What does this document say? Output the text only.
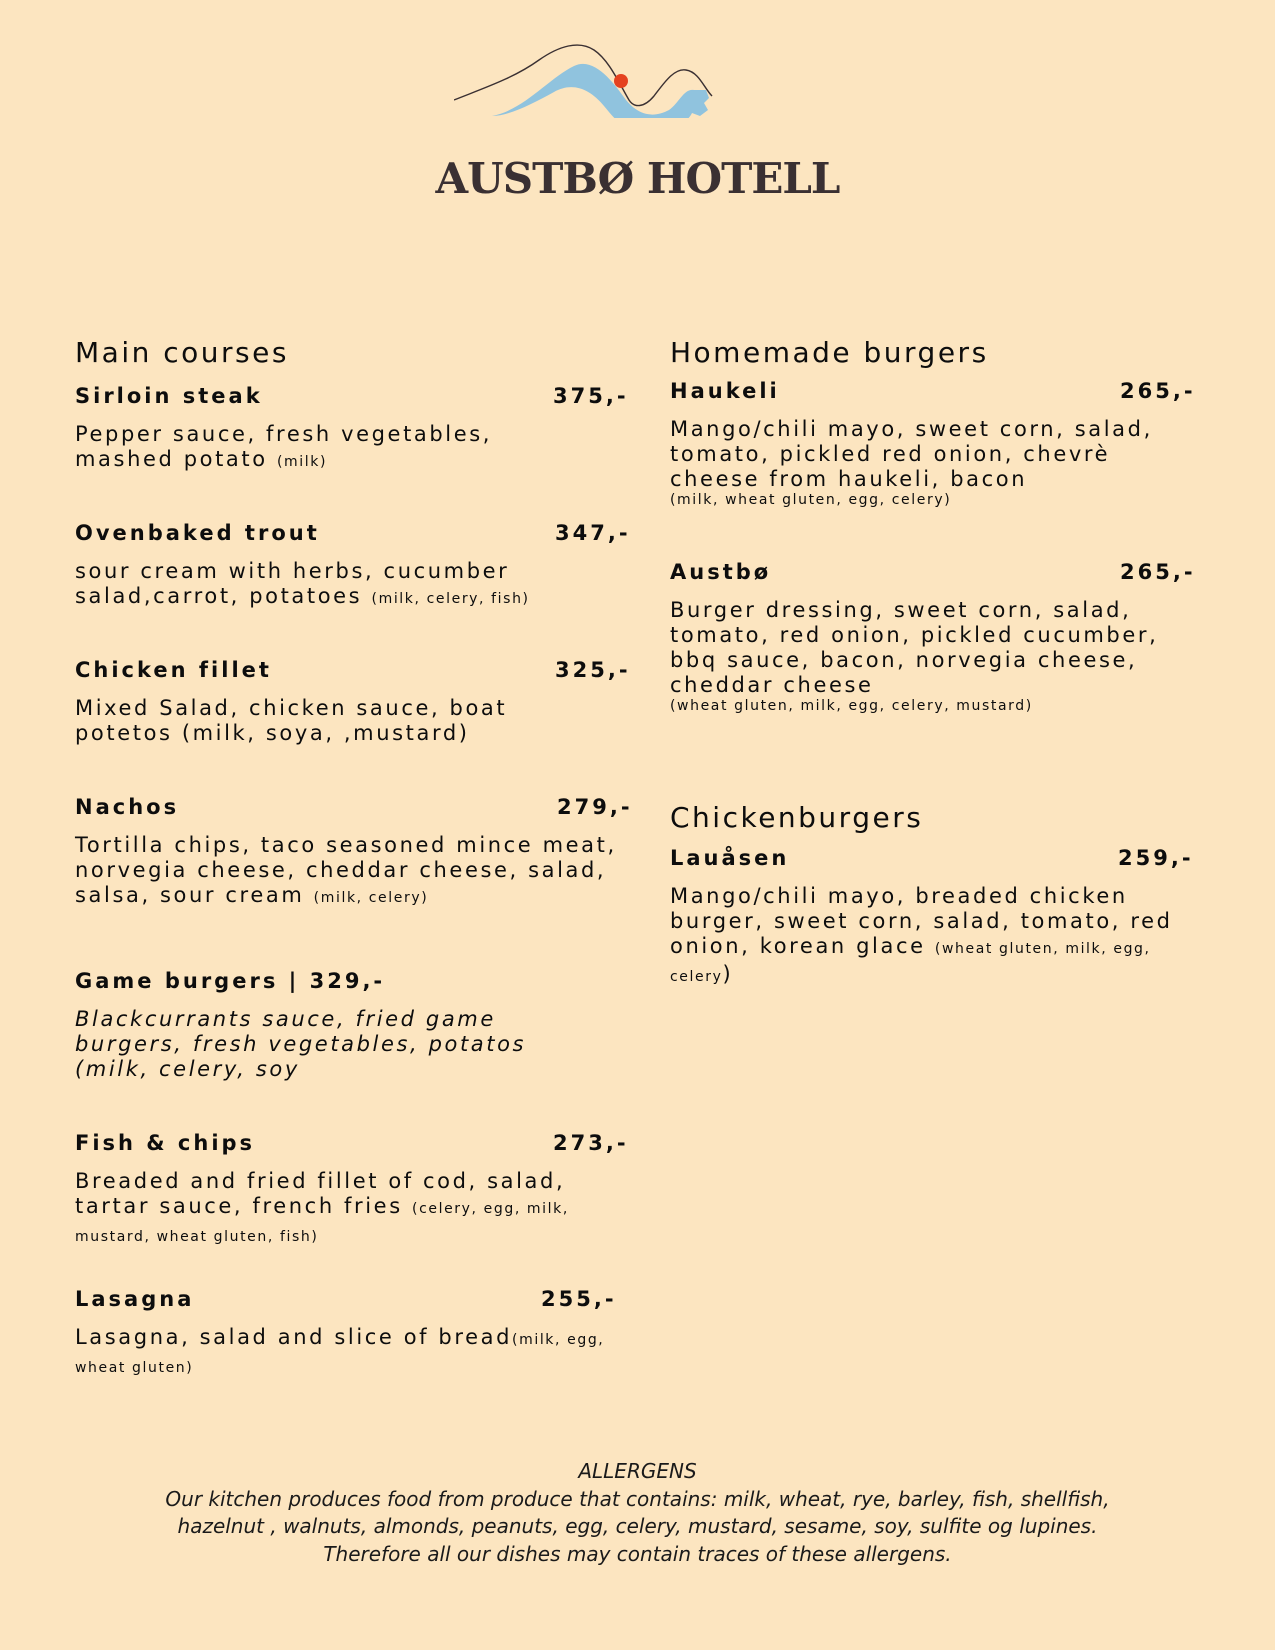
AUSTBØ HOTELL
Main courses
Sirloin steak	375,-
Pepper sauce, fresh vegetables, mashed potato (milk)
Ovenbaked trout	347,-
sour cream with herbs, cucumber salad,carrot, potatoes (milk, celery, fish)
Chicken fillet	325,-
Mixed Salad, chicken sauce, boat potetos (milk, soya, ,mustard)
Nachos	279,-
Tortilla chips, taco seasoned mince meat, norvegia cheese, cheddar cheese, salad, salsa, sour cream (milk, celery)
Game burgers | 329,-
Blackcurrants sauce, fried game burgers, fresh vegetables, potatos (milk, celery, soy
Fish & chips	273,-
Breaded and fried fillet of cod, salad, tartar sauce, french fries (celery, egg, milk, mustard, wheat gluten, fish)
Lasagna	255,-
Lasagna, salad and slice of bread(milk, egg, wheat gluten)
Homemade burgers
Haukeli	265,-
Mango/chili mayo, sweet corn, salad, tomato, pickled red onion, chevrè cheese from haukeli, bacon
(milk, wheat gluten, egg, celery)
Austbø	265,-
Burger dressing, sweet corn, salad, tomato, red onion, pickled cucumber, bbq sauce, bacon, norvegia cheese, cheddar cheese
(wheat gluten, milk, egg, celery, mustard)
Chickenburgers
Lauåsen	259,-
Mango/chili mayo, breaded chicken burger, sweet corn, salad, tomato, red onion, korean glace (wheat gluten, milk, egg, celery)

ALLERGENS

Our kitchen produces food from produce that contains: milk, wheat, rye, barley, fish, shellfish, hazelnut , walnuts, almonds, peanuts, egg, celery, mustard, sesame, soy, sulfite og lupines.

Therefore all our dishes may contain traces of these allergens.
